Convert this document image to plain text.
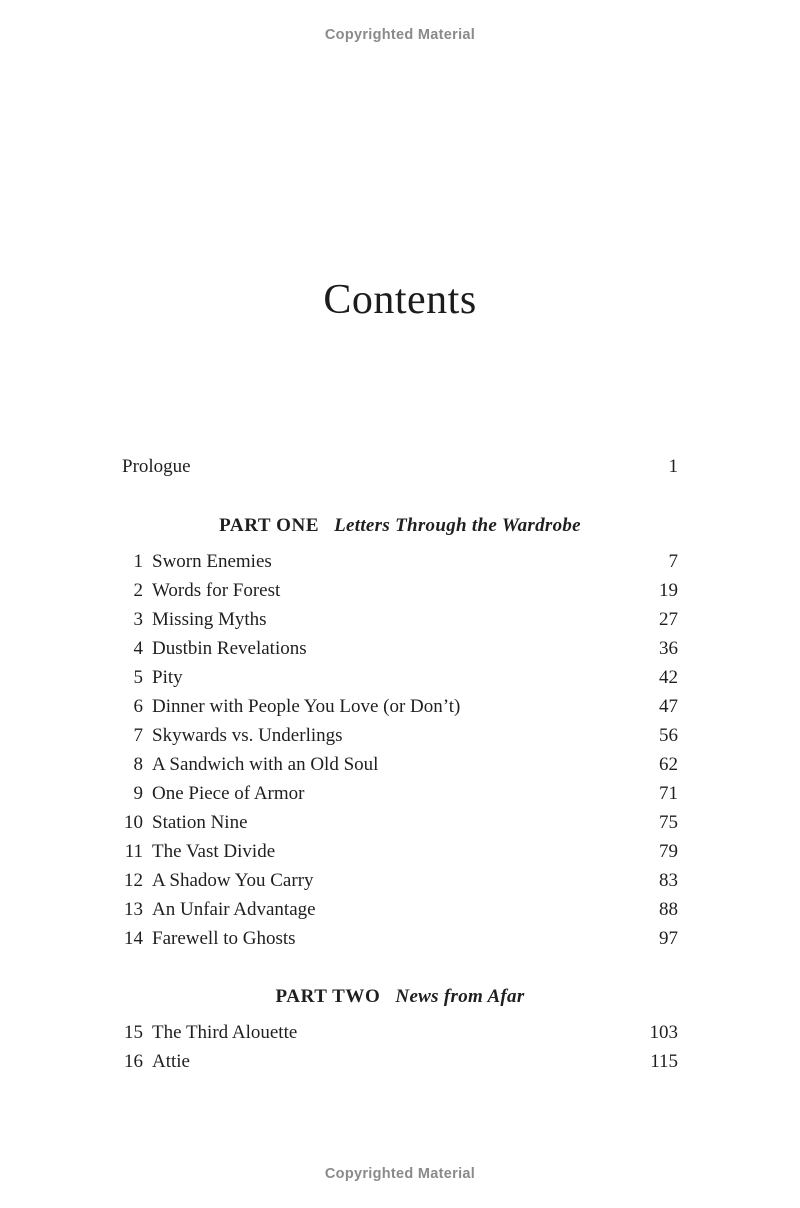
Copyrighted Material
Contents
Prologue	1
PART ONE Letters Through the Wardrobe
1 Sworn Enemies	7
2 Words for Forest	19
3 Missing Myths	27
4 Dustbin Revelations	36
5 Pity	42
6 Dinner with People You Love (or Don’t)	47
7 Skywards vs. Underlings	56
8 A Sandwich with an Old Soul	62
9 One Piece of Armor	71
10 Station Nine	75
11 The Vast Divide	79
12 A Shadow You Carry	83
13 An Unfair Advantage	88
14 Farewell to Ghosts	97
PART TWO News from Afar
15 The Third Alouette	103
16 Attie	115
Copyrighted Material
